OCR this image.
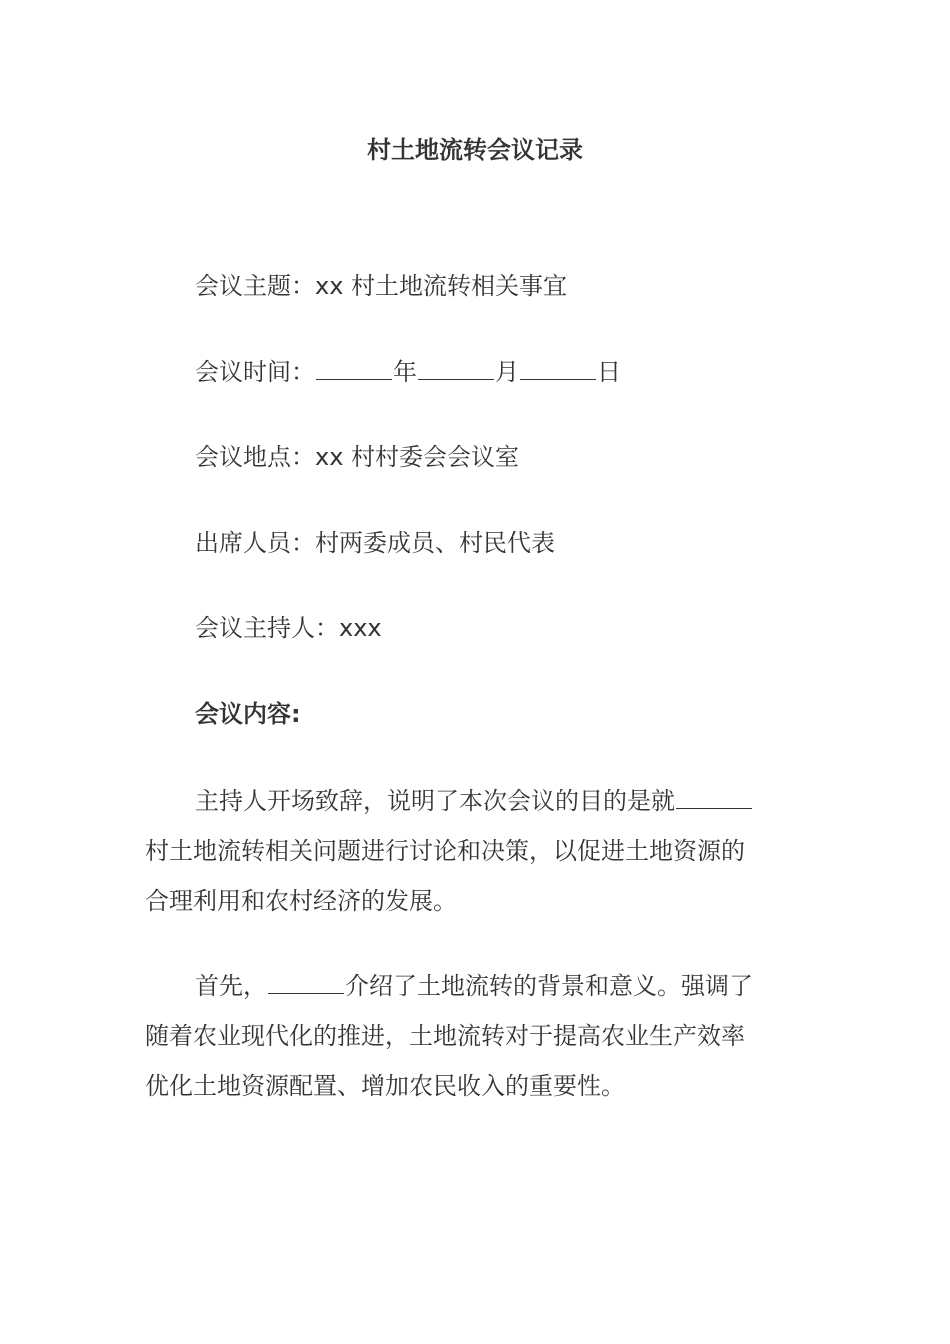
村土地流转会议记录
会议主题：xx 村土地流转相关事宜
会议时间：	年	月	日
会议地点：xx 村村委会会议室
出席人员：村两委成员、村民代表
会议主持人：xxx
会议内容:
主持人开场致辞，说明了本次会议的目的是就
村土地流转相关问题进行讨论和决策，以促进土地资源的
合理利用和农村经济的发展。
首先，	介绍了土地流转的背景和意义。强调了
随着农业现代化的推进，土地流转对于提高农业生产效率
优化土地资源配置、增加农民收入的重要性。
